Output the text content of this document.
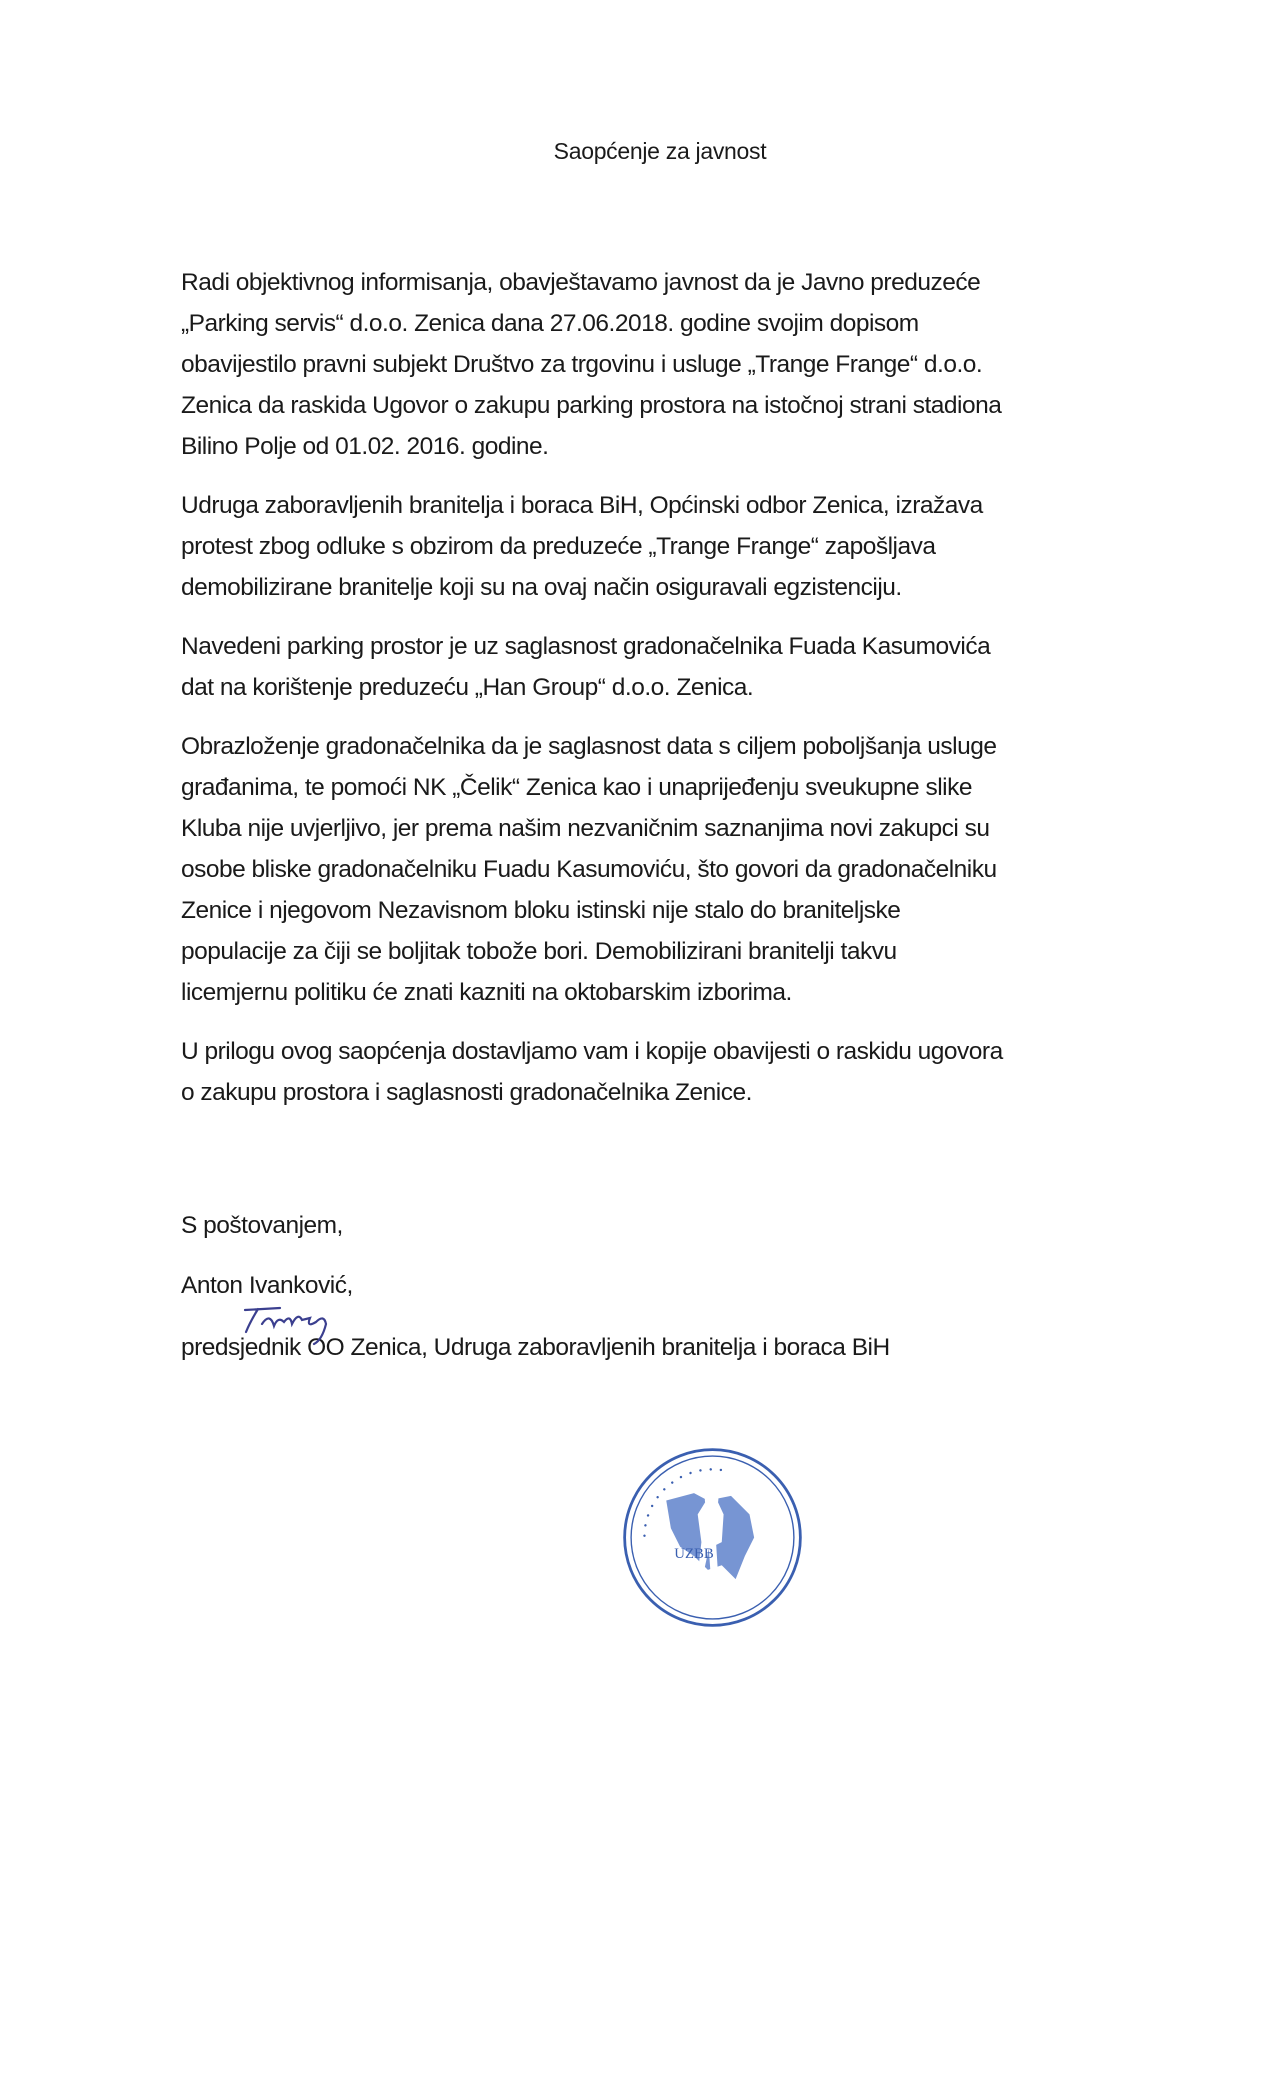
Saopćenje za javnost

Radi objektivnog informisanja, obavještavamo javnost da je Javno preduzeće
„Parking servis“ d.o.o. Zenica dana 27.06.2018. godine svojim dopisom
obavijestilo pravni subjekt Društvo za trgovinu i usluge „Trange Frange“ d.o.o.
Zenica da raskida Ugovor o zakupu parking prostora na istočnoj strani stadiona
Bilino Polje od 01.02. 2016. godine.

Udruga zaboravljenih branitelja i boraca BiH, Općinski odbor Zenica, izražava
protest zbog odluke s obzirom da preduzeće „Trange Frange“ zapošljava
demobilizirane branitelje koji su na ovaj način osiguravali egzistenciju.

Navedeni parking prostor je uz saglasnost gradonačelnika Fuada Kasumovića
dat na korištenje preduzeću „Han Group“ d.o.o. Zenica.

Obrazloženje gradonačelnika da je saglasnost data s ciljem poboljšanja usluge
građanima, te pomoći NK „Čelik“ Zenica kao i unaprijeđenju sveukupne slike
Kluba nije uvjerljivo, jer prema našim nezvaničnim saznanjima novi zakupci su
osobe bliske gradonačelniku Fuadu Kasumoviću, što govori da gradonačelniku
Zenice i njegovom Nezavisnom bloku istinski nije stalo do braniteljske
populacije za čiji se boljitak tobože bori. Demobilizirani branitelji takvu
licemjernu politiku će znati kazniti na oktobarskim izborima.

U prilogu ovog saopćenja dostavljamo vam i kopije obavijesti o raskidu ugovora
o zakupu prostora i saglasnosti gradonačelnika Zenice.

S poštovanjem,
Anton Ivanković,
predsjednik OO Zenica, Udruga zaboravljenih branitelja i boraca BiH
UZBB
• • • • • • • • • • • •
